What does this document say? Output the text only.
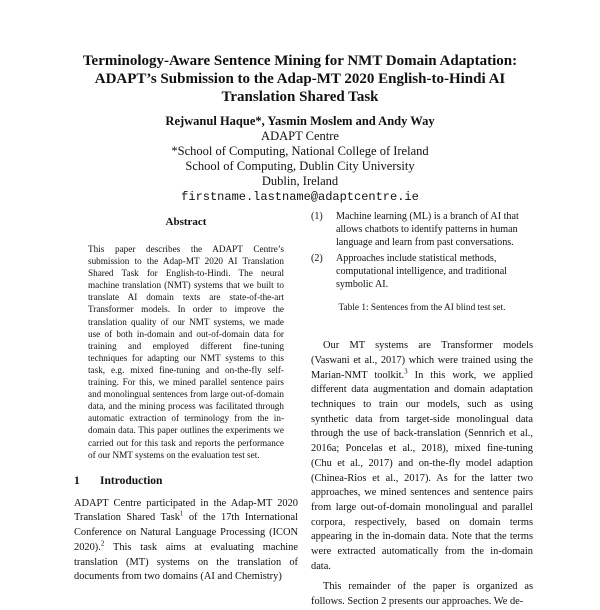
Terminology-Aware Sentence Mining for NMT Domain Adaptation:
ADAPT’s Submission to the Adap-MT 2020 English-to-Hindi AI
Translation Shared Task
Rejwanul Haque*, Yasmin Moslem and Andy Way
ADAPT Centre
*School of Computing, National College of Ireland
School of Computing, Dublin City University
Dublin, Ireland
firstname.lastname@adaptcentre.ie
Abstract
This paper describes the ADAPT Centre’s submission to the Adap-MT 2020 AI Translation Shared Task for English-to-Hindi. The neural machine translation (NMT) systems that we built to translate AI domain texts are state-of-the-art Transformer models. In order to improve the translation quality of our NMT systems, we made use of both in-domain and out-of-domain data for training and employed different fine-tuning techniques for adapting our NMT systems to this task, e.g. mixed fine-tuning and on-the-fly self-training. For this, we mined parallel sentence pairs and monolingual sentences from large out-of-domain data, and the mining process was facilitated through automatic extraction of terminology from the in-domain data. This paper outlines the experiments we carried out for this task and reports the performance of our NMT systems on the evaluation test set.
1 Introduction
ADAPT Centre participated in the Adap-MT 2020 Translation Shared Task$^1$ of the 17th International Conference on Natural Language Processing (ICON 2020).$^2$ This task aims at evaluating machine translation (MT) systems on the translation of documents from two domains (AI and Chemistry)
(1)	Machine learning (ML) is a branch of AI that allows chatbots to identify patterns in human language and learn from past conversations.
(2)	Approaches include statistical methods, computational intelligence, and traditional symbolic AI.
Table 1: Sentences from the AI blind test set.
Our MT systems are Transformer models (Vaswani et al., 2017) which were trained using the Marian-NMT toolkit.$^3$ In this work, we applied different data augmentation and domain adaptation techniques to train our models, such as using synthetic data from target-side monolingual data through the use of back-translation (Sennrich et al., 2016a; Poncelas et al., 2018), mixed fine-tuning (Chu et al., 2017) and on-the-fly model adaption (Chinea-Rios et al., 2017). As for the latter two approaches, we mined sentences and sentence pairs from large out-of-domain monolingual and parallel corpora, respectively, based on domain terms appearing in the in-domain data. Note that the terms were extracted automatically from the in-domain data.
This remainder of the paper is organized as follows. Section 2 presents our approaches. We de-
